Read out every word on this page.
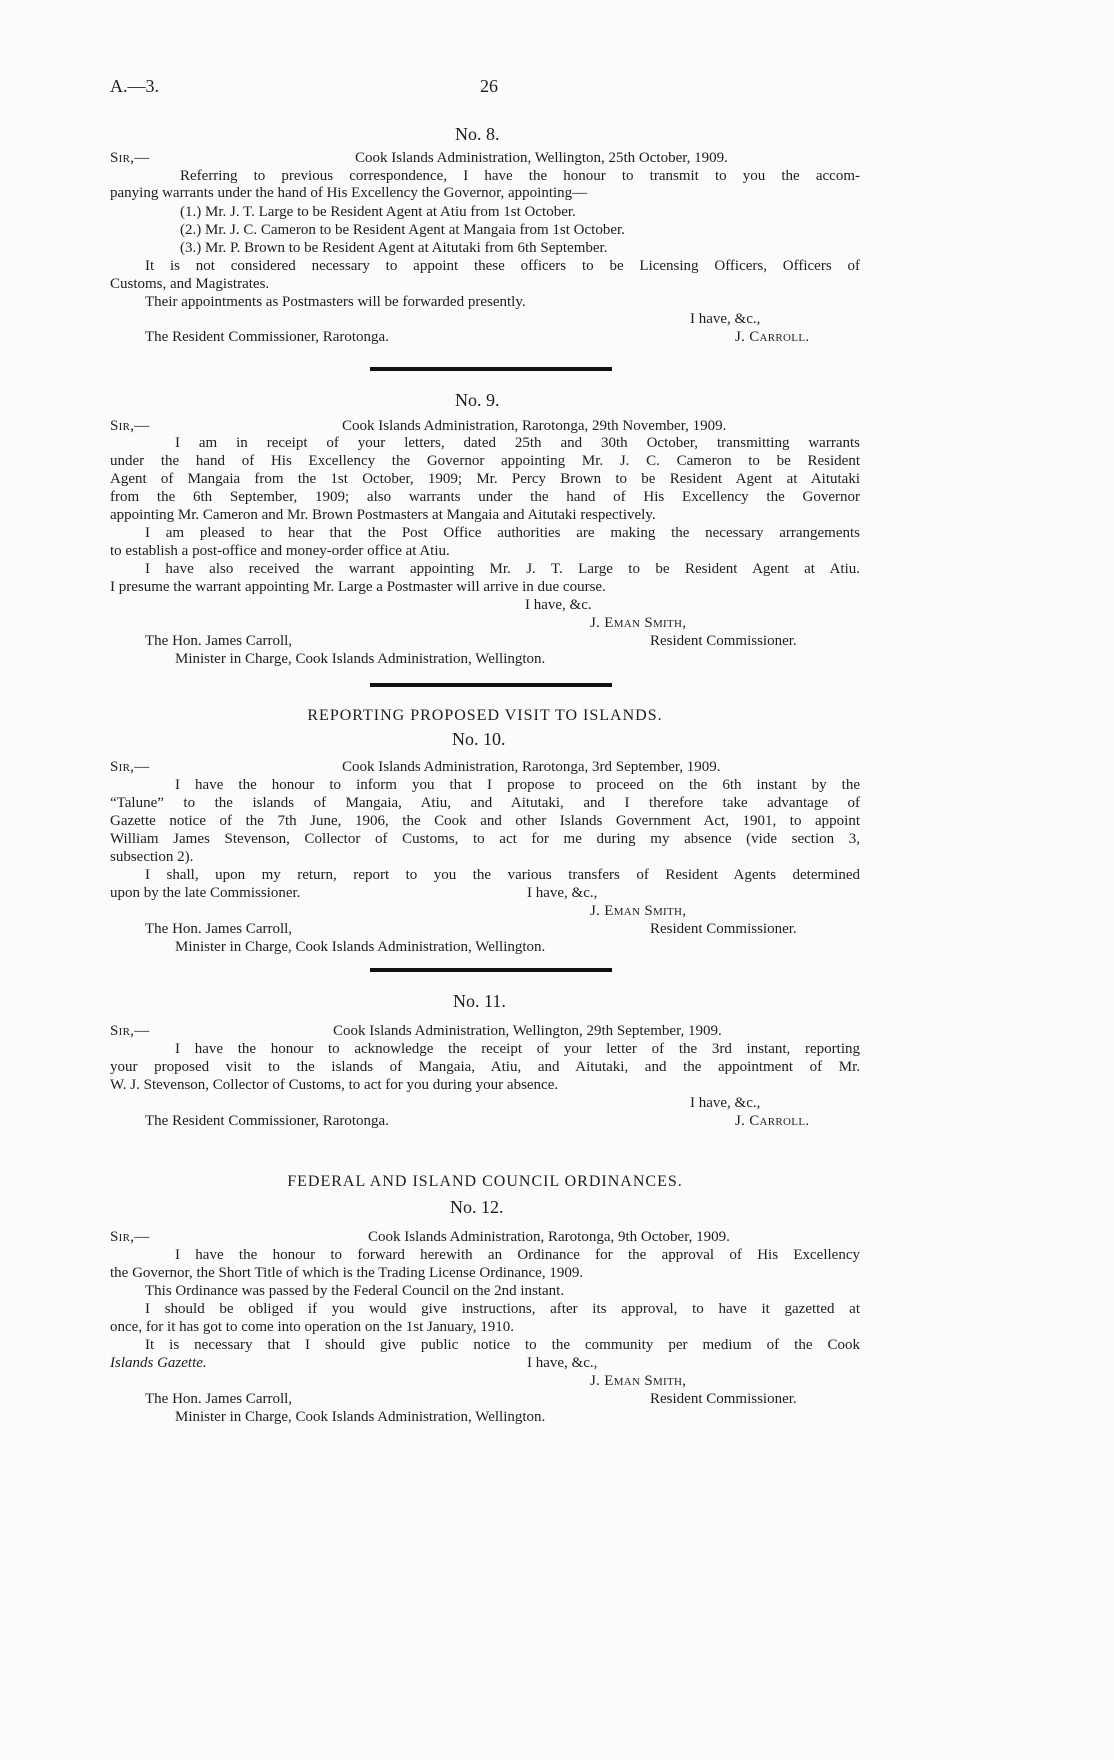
A.—3.	26
No. 8.
Sir,—	Cook Islands Administration, Wellington, 25th October, 1909.
Referring to previous correspondence, I have the honour to transmit to you the accom-
panying warrants under the hand of His Excellency the Governor, appointing—
(1.) Mr. J. T. Large to be Resident Agent at Atiu from 1st October.
(2.) Mr. J. C. Cameron to be Resident Agent at Mangaia from 1st October.
(3.) Mr. P. Brown to be Resident Agent at Aitutaki from 6th September.
It is not considered necessary to appoint these officers to be Licensing Officers, Officers of
Customs, and Magistrates.
Their appointments as Postmasters will be forwarded presently.
I have, &c.,
The Resident Commissioner, Rarotonga.	J. Carroll.
No. 9.
Sir,—	Cook Islands Administration, Rarotonga, 29th November, 1909.
I am in receipt of your letters, dated 25th and 30th October, transmitting warrants
under the hand of His Excellency the Governor appointing Mr. J. C. Cameron to be Resident
Agent of Mangaia from the 1st October, 1909; Mr. Percy Brown to be Resident Agent at Aitutaki
from the 6th September, 1909; also warrants under the hand of His Excellency the Governor
appointing Mr. Cameron and Mr. Brown Postmasters at Mangaia and Aitutaki respectively.
I am pleased to hear that the Post Office authorities are making the necessary arrangements
to establish a post-office and money-order office at Atiu.
I have also received the warrant appointing Mr. J. T. Large to be Resident Agent at Atiu.
I presume the warrant appointing Mr. Large a Postmaster will arrive in due course.
I have, &c.
J. Eman Smith,
The Hon. James Carroll,	Resident Commissioner.
Minister in Charge, Cook Islands Administration, Wellington.
REPORTING PROPOSED VISIT TO ISLANDS.
No. 10.
Sir,—	Cook Islands Administration, Rarotonga, 3rd September, 1909.
I have the honour to inform you that I propose to proceed on the 6th instant by the
“Talune” to the islands of Mangaia, Atiu, and Aitutaki, and I therefore take advantage of
Gazette notice of the 7th June, 1906, the Cook and other Islands Government Act, 1901, to appoint
William James Stevenson, Collector of Customs, to act for me during my absence (vide section 3,
subsection 2).
I shall, upon my return, report to you the various transfers of Resident Agents determined
upon by the late Commissioner.	I have, &c.,
J. Eman Smith,
The Hon. James Carroll,	Resident Commissioner.
Minister in Charge, Cook Islands Administration, Wellington.
No. 11.
Sir,—	Cook Islands Administration, Wellington, 29th September, 1909.
I have the honour to acknowledge the receipt of your letter of the 3rd instant, reporting
your proposed visit to the islands of Mangaia, Atiu, and Aitutaki, and the appointment of Mr.
W. J. Stevenson, Collector of Customs, to act for you during your absence.
I have, &c.,
The Resident Commissioner, Rarotonga.	J. Carroll.
FEDERAL AND ISLAND COUNCIL ORDINANCES.
No. 12.
Sir,—	Cook Islands Administration, Rarotonga, 9th October, 1909.
I have the honour to forward herewith an Ordinance for the approval of His Excellency
the Governor, the Short Title of which is the Trading License Ordinance, 1909.
This Ordinance was passed by the Federal Council on the 2nd instant.
I should be obliged if you would give instructions, after its approval, to have it gazetted at
once, for it has got to come into operation on the 1st January, 1910.
It is necessary that I should give public notice to the community per medium of the Cook
Islands Gazette.	I have, &c.,
J. Eman Smith,
The Hon. James Carroll,	Resident Commissioner.
Minister in Charge, Cook Islands Administration, Wellington.
